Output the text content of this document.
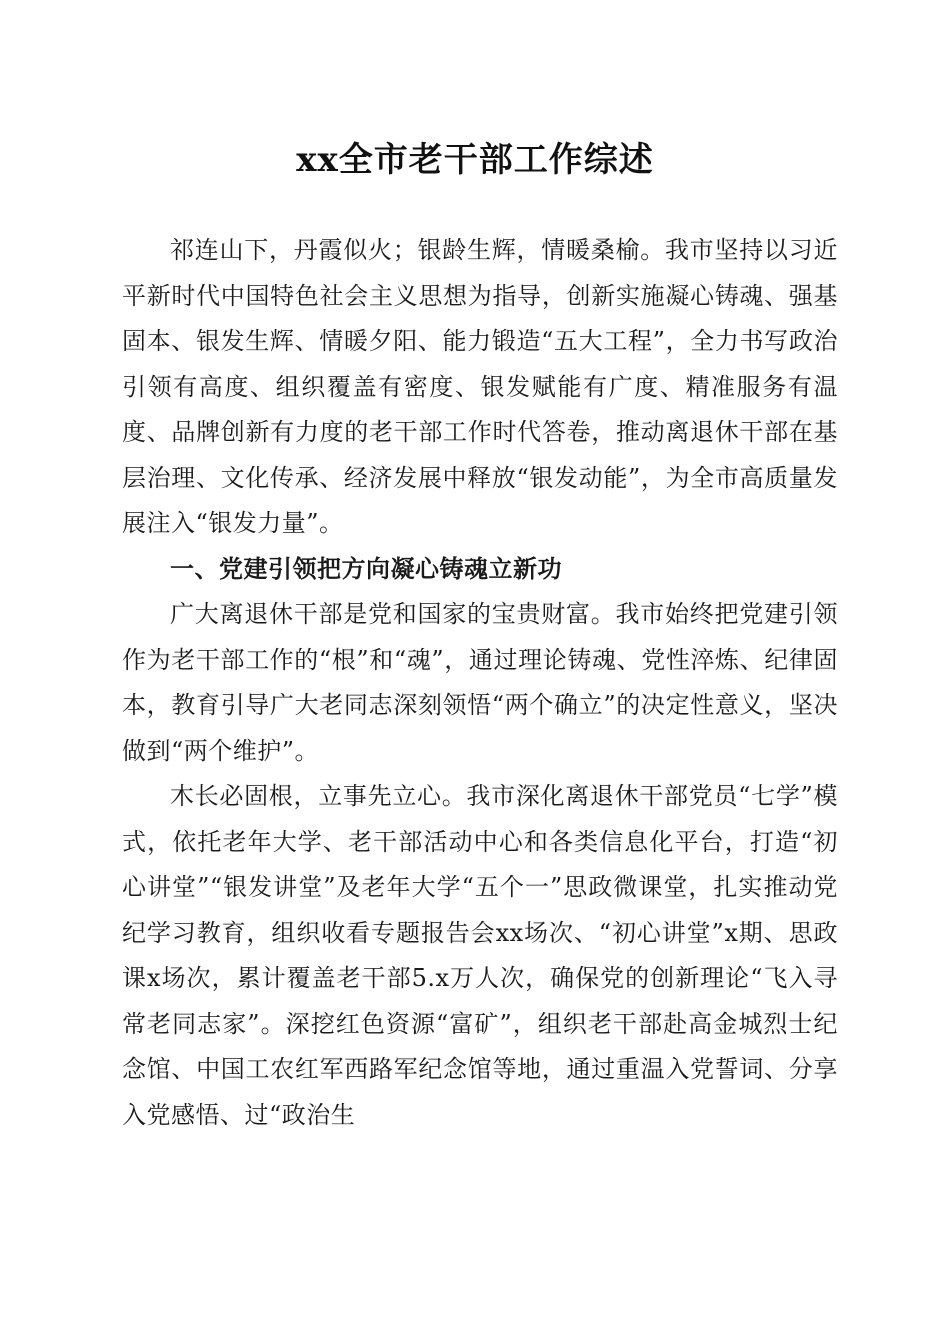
xx全市老干部工作综述

祁连山下，丹霞似火；银龄生辉，情暖桑榆。我市坚持以习近平新时代中国特色社会主义思想为指导，创新实施凝心铸魂、强基固本、银发生辉、情暖夕阳、能力锻造“五大工程”，全力书写政治引领有高度、组织覆盖有密度、银发赋能有广度、精准服务有温度、品牌创新有力度的老干部工作时代答卷，推动离退休干部在基层治理、文化传承、经济发展中释放“银发动能”，为全市高质量发展注入“银发力量”。

一、党建引领把方向凝心铸魂立新功

广大离退休干部是党和国家的宝贵财富。我市始终把党建引领作为老干部工作的“根”和“魂”，通过理论铸魂、党性淬炼、纪律固本，教育引导广大老同志深刻领悟“两个确立”的决定性意义，坚决做到“两个维护”。

木长必固根，立事先立心。我市深化离退休干部党员“七学”模式，依托老年大学、老干部活动中心和各类信息化平台，打造“初心讲堂”“银发讲堂”及老年大学“五个一”思政微课堂，扎实推动党纪学习教育，组织收看专题报告会xx场次、“初心讲堂”x期、思政课x场次，累计覆盖老干部5.x万人次，确保党的创新理论“飞入寻常老同志家”。深挖红色资源“富矿”，组织老干部赴高金城烈士纪念馆、中国工农红军西路军纪念馆等地，通过重温入党誓词、分享入党感悟、过“政治生
